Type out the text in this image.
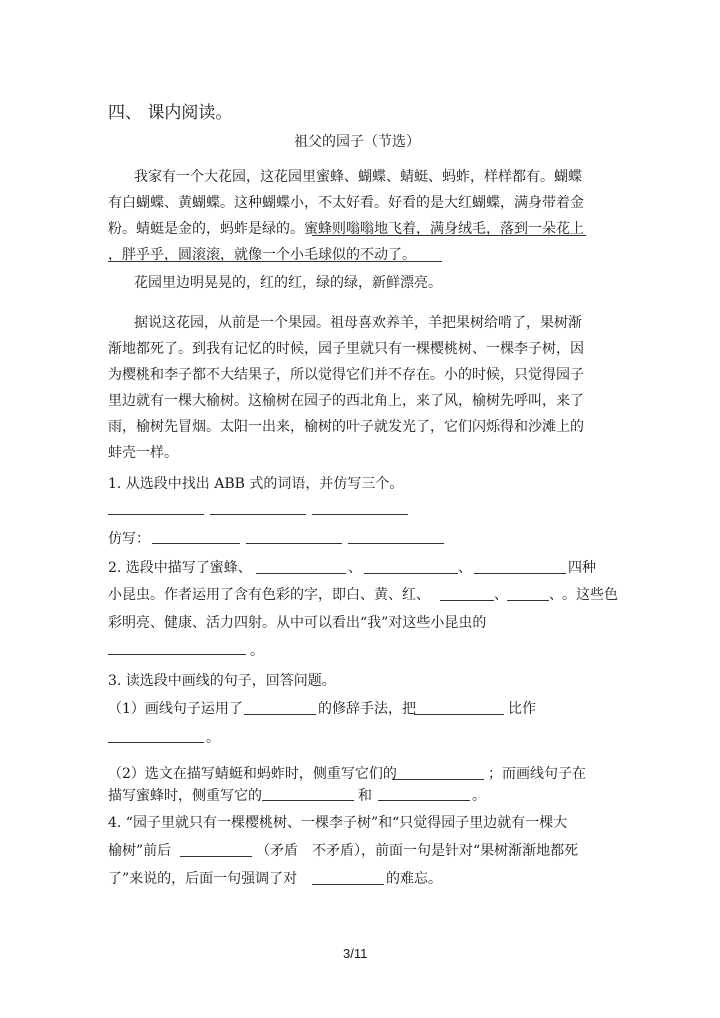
四、 课内阅读。
祖父的园子（节选）
我家有一个大花园，这花园里蜜蜂、蝴蝶、蜻蜓、蚂蚱，样样都有。蝴蝶
有白蝴蝶、黄蝴蝶。这种蝴蝶小，不太好看。好看的是大红蝴蝶，满身带着金
粉。蜻蜓是金的，蚂蚱是绿的。蜜蜂则嗡嗡地飞着，满身绒毛，落到一朵花上
，胖乎乎，圆滚滚，就像一个小毛球似的不动了。
花园里边明晃晃的，红的红，绿的绿，新鲜漂亮。
据说这花园，从前是一个果园。祖母喜欢养羊，羊把果树给啃了，果树渐
渐地都死了。到我有记忆的时候，园子里就只有一棵樱桃树、一棵李子树，因
为樱桃和李子都不大结果子，所以觉得它们并不存在。小的时候，只觉得园子
里边就有一棵大榆树。这榆树在园子的西北角上，来了风，榆树先呼叫，来了
雨，榆树先冒烟。太阳一出来，榆树的叶子就发光了，它们闪烁得和沙滩上的
蚌壳一样。
1. 从选段中找出 ABB 式的词语，并仿写三个。
仿写：
2. 选段中描写了蜜蜂、	、	、	四种
小昆虫。作者运用了含有色彩的字，即白、黄、红、	、	、 。这些色
彩明亮、健康、活力四射。从中可以看出“我”对这些小昆虫的
。
3. 读选段中画线的句子，回答问题。
（1）画线句子运用了	的修辞手法，把	比作
。
（2）选文在描写蜻蜓和蚂蚱时，侧重写它们的	；而画线句子在
描写蜜蜂时，侧重写它的	和	。
4. “园子里就只有一棵樱桃树、一棵李子树”和“只觉得园子里边就有一棵大
榆树”前后	（矛盾　不矛盾），前面一句是针对“果树渐渐地都死
了”来说的，后面一句强调了对	的难忘。
3/11
